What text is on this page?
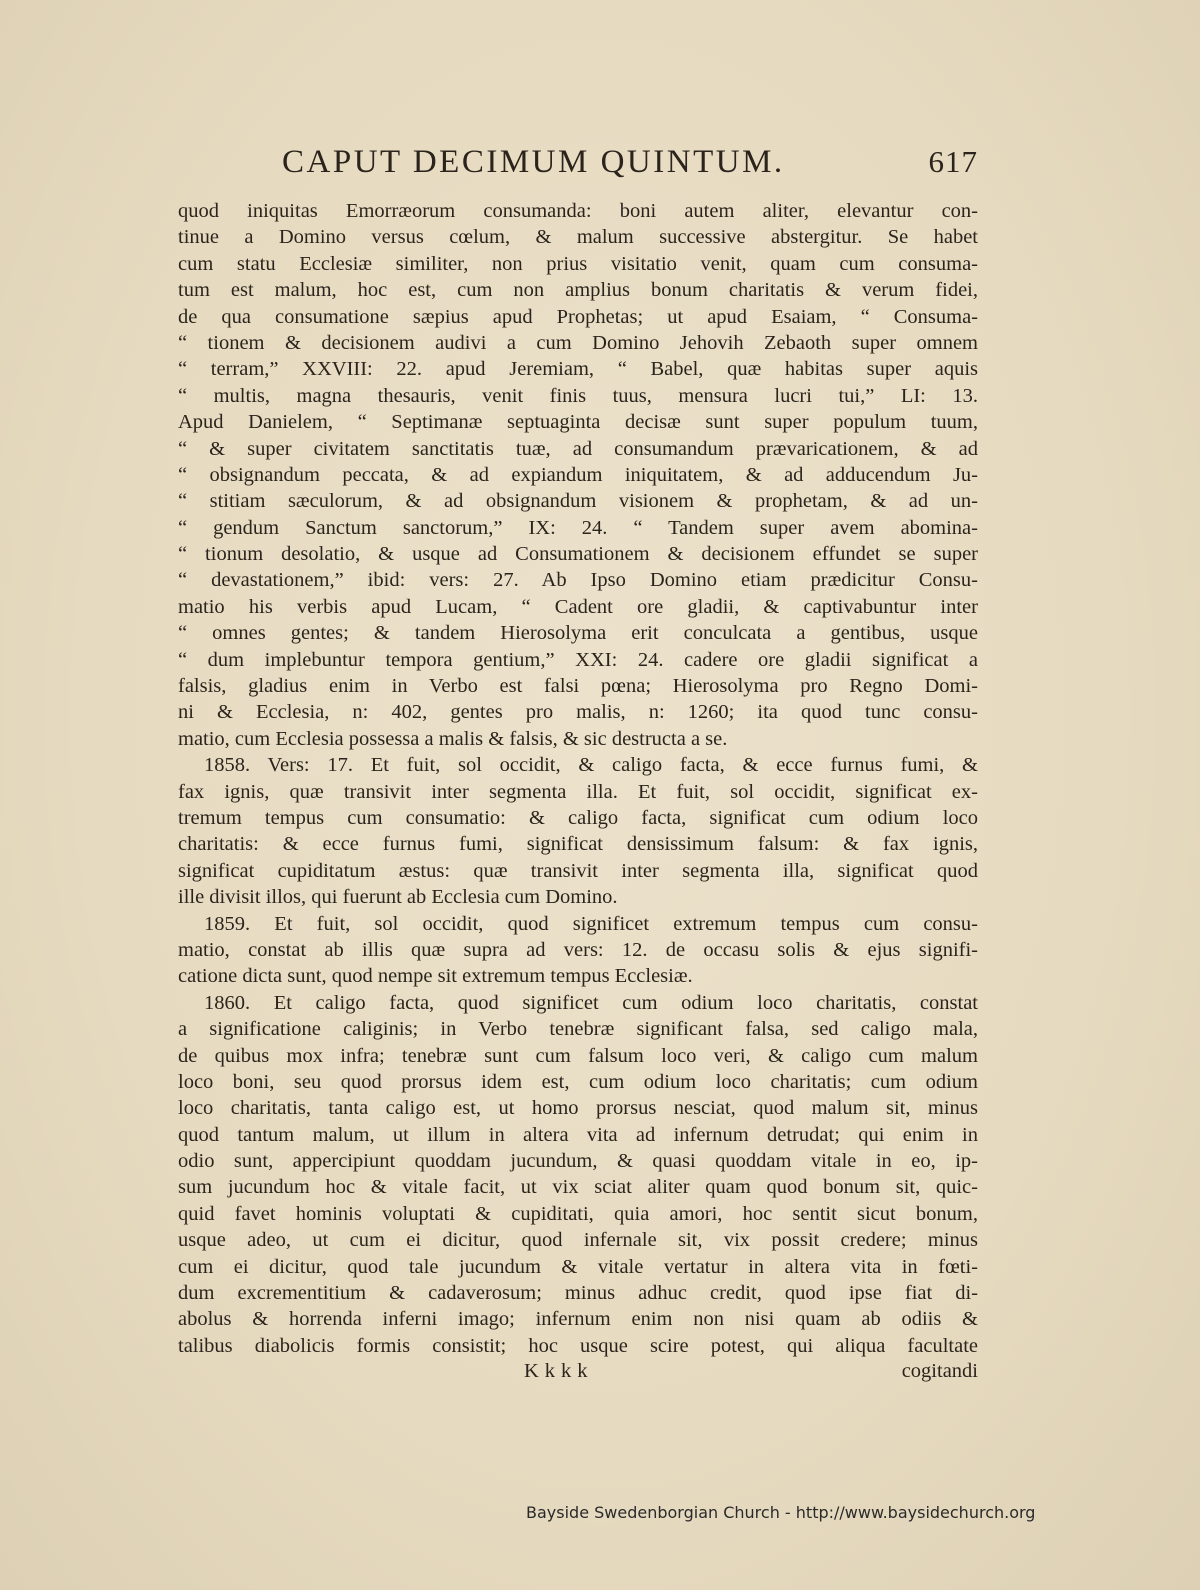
CAPUT DECIMUM QUINTUM.	617
quod iniquitas Emorræorum consumanda: boni autem aliter, elevantur con-
tinue a Domino versus cœlum, & malum successive abstergitur. Se habet
cum statu Ecclesiæ similiter, non prius visitatio venit, quam cum consuma-
tum est malum, hoc est, cum non amplius bonum charitatis & verum fidei,
de qua consumatione sæpius apud Prophetas; ut apud Esaiam, “ Consuma-
“ tionem & decisionem audivi a cum Domino Jehovih Zebaoth super omnem
“ terram,” XXVIII: 22. apud Jeremiam, “ Babel, quæ habitas super aquis
“ multis, magna thesauris, venit finis tuus, mensura lucri tui,” LI: 13.
Apud Danielem, “ Septimanæ septuaginta decisæ sunt super populum tuum,
“ & super civitatem sanctitatis tuæ, ad consumandum prævaricationem, & ad
“ obsignandum peccata, & ad expiandum iniquitatem, & ad adducendum Ju-
“ stitiam sæculorum, & ad obsignandum visionem & prophetam, & ad un-
“ gendum Sanctum sanctorum,” IX: 24. “ Tandem super avem abomina-
“ tionum desolatio, & usque ad Consumationem & decisionem effundet se super
“ devastationem,” ibid: vers: 27. Ab Ipso Domino etiam prædicitur Consu-
matio his verbis apud Lucam, “ Cadent ore gladii, & captivabuntur inter
“ omnes gentes; & tandem Hierosolyma erit conculcata a gentibus, usque
“ dum implebuntur tempora gentium,” XXI: 24. cadere ore gladii significat a
falsis, gladius enim in Verbo est falsi pœna; Hierosolyma pro Regno Domi-
ni & Ecclesia, n: 402, gentes pro malis, n: 1260; ita quod tunc consu-
matio, cum Ecclesia possessa a malis & falsis, & sic destructa a se.
1858. Vers: 17. Et fuit, sol occidit, & caligo facta, & ecce furnus fumi, &
fax ignis, quæ transivit inter segmenta illa. Et fuit, sol occidit, significat ex-
tremum tempus cum consumatio: & caligo facta, significat cum odium loco
charitatis: & ecce furnus fumi, significat densissimum falsum: & fax ignis,
significat cupiditatum æstus: quæ transivit inter segmenta illa, significat quod
ille divisit illos, qui fuerunt ab Ecclesia cum Domino.
1859. Et fuit, sol occidit, quod significet extremum tempus cum consu-
matio, constat ab illis quæ supra ad vers: 12. de occasu solis & ejus signifi-
catione dicta sunt, quod nempe sit extremum tempus Ecclesiæ.
1860. Et caligo facta, quod significet cum odium loco charitatis, constat
a significatione caliginis; in Verbo tenebræ significant falsa, sed caligo mala,
de quibus mox infra; tenebræ sunt cum falsum loco veri, & caligo cum malum
loco boni, seu quod prorsus idem est, cum odium loco charitatis; cum odium
loco charitatis, tanta caligo est, ut homo prorsus nesciat, quod malum sit, minus
quod tantum malum, ut illum in altera vita ad infernum detrudat; qui enim in
odio sunt, appercipiunt quoddam jucundum, & quasi quoddam vitale in eo, ip-
sum jucundum hoc & vitale facit, ut vix sciat aliter quam quod bonum sit, quic-
quid favet hominis voluptati & cupiditati, quia amori, hoc sentit sicut bonum,
usque adeo, ut cum ei dicitur, quod infernale sit, vix possit credere; minus
cum ei dicitur, quod tale jucundum & vitale vertatur in altera vita in fœti-
dum excrementitium & cadaverosum; minus adhuc credit, quod ipse fiat di-
abolus & horrenda inferni imago; infernum enim non nisi quam ab odiis &
talibus diabolicis formis consistit; hoc usque scire potest, qui aliqua facultate
Kkkk	cogitandi
Bayside Swedenborgian Church - http://www.baysidechurch.org
